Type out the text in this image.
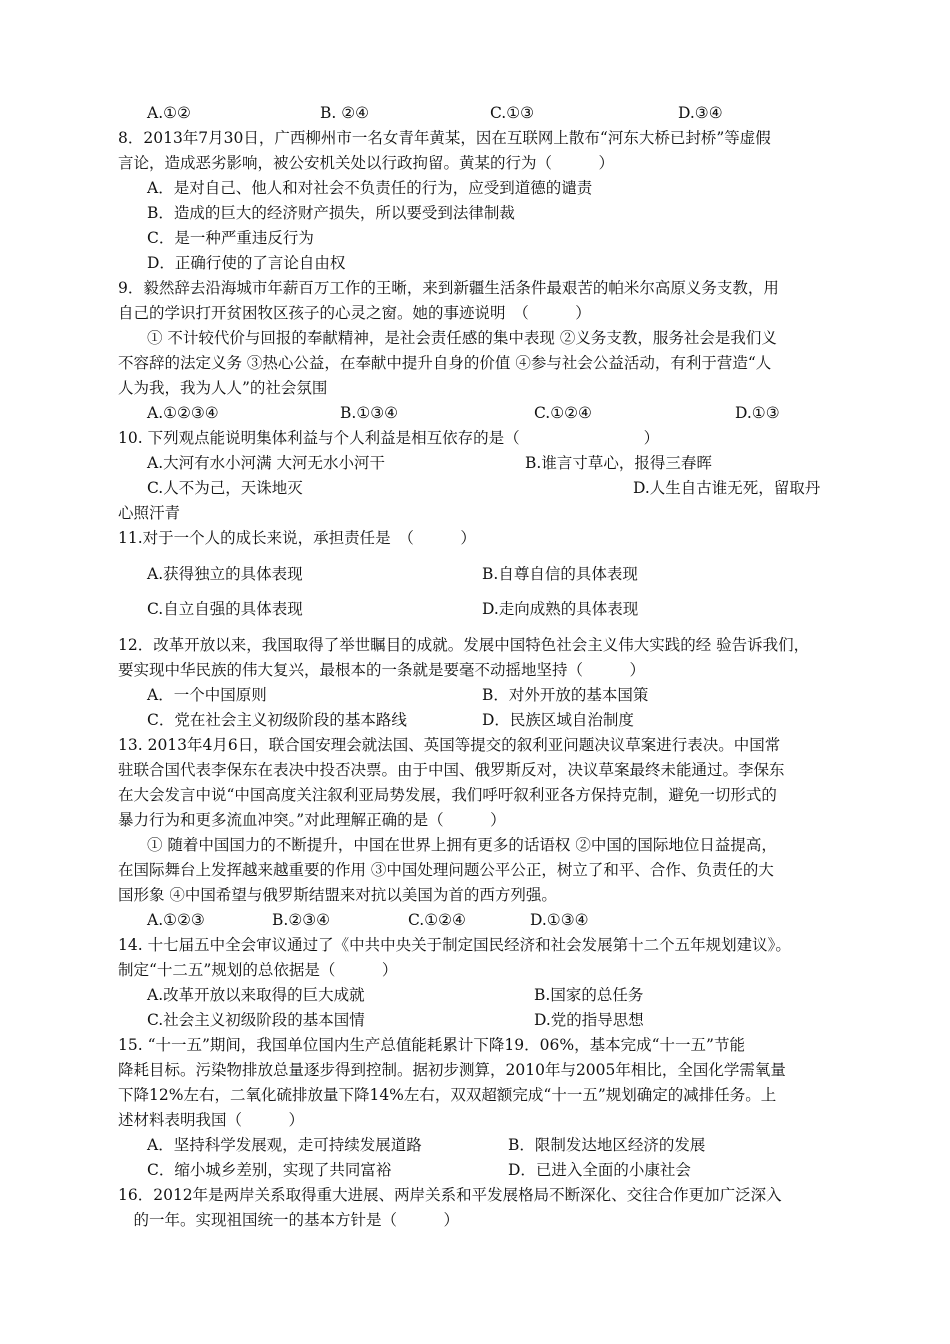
A.①②	B. ②④	C.①③	D.③④
8．2013年7月30日，广西柳州市一名女青年黄某，因在互联网上散布“河东大桥已封桥”等虚假
言论，造成恶劣影响，被公安机关处以行政拘留。黄某的行为（　　　）
A．是对自己、他人和对社会不负责任的行为，应受到道德的谴责
B．造成的巨大的经济财产损失，所以要受到法律制裁
C．是一种严重违反行为
D．正确行使的了言论自由权
9．毅然辞去沿海城市年薪百万工作的王晰，来到新疆生活条件最艰苦的帕米尔高原义务支教，用
自己的学识打开贫困牧区孩子的心灵之窗。她的事迹说明　（　　　）
① 不计较代价与回报的奉献精神，是社会责任感的集中表现 ②义务支教，服务社会是我们义
不容辞的法定义务 ③热心公益，在奉献中提升自身的价值 ④参与社会公益活动，有利于营造“人
人为我，我为人人”的社会氛围
A.①②③④	B.①③④	C.①②④	D.①③
10. 下列观点能说明集体利益与个人利益是相互依存的是（　　　　　　　　）
A.大河有水小河满 大河无水小河干	B.谁言寸草心，报得三春晖
C.人不为己，天诛地灭	D.人生自古谁无死，留取丹
心照汗青
11.对于一个人的成长来说，承担责任是　（　　　）
A.获得独立的具体表现	B.自尊自信的具体表现
C.自立自强的具体表现	D.走向成熟的具体表现
12．改革开放以来，我国取得了举世瞩目的成就。发展中国特色社会主义伟大实践的经 验告诉我们，
要实现中华民族的伟大复兴，最根本的一条就是要毫不动摇地坚持（　　　）
A．一个中国原则	B．对外开放的基本国策
C．党在社会主义初级阶段的基本路线	D．民族区域自治制度
13. 2013年4月6日，联合国安理会就法国、英国等提交的叙利亚问题决议草案进行表决。中国常
驻联合国代表李保东在表决中投否决票。由于中国、俄罗斯反对，决议草案最终未能通过。李保东
在大会发言中说“中国高度关注叙利亚局势发展，我们呼吁叙利亚各方保持克制，避免一切形式的
暴力行为和更多流血冲突。”对此理解正确的是（　　　）
① 随着中国国力的不断提升，中国在世界上拥有更多的话语权 ②中国的国际地位日益提高，
在国际舞台上发挥越来越重要的作用 ③中国处理问题公平公正，树立了和平、合作、负责任的大
国形象 ④中国希望与俄罗斯结盟来对抗以美国为首的西方列强。
A.①②③	B.②③④	C.①②④	D.①③④
14. 十七届五中全会审议通过了《中共中央关于制定国民经济和社会发展第十二个五年规划建议》。
制定“十二五”规划的总依据是（　　　）
A.改革开放以来取得的巨大成就	B.国家的总任务
C.社会主义初级阶段的基本国情	D.党的指导思想
15. “十一五”期间，我国单位国内生产总值能耗累计下降19．06%，基本完成“十一五”节能
降耗目标。污染物排放总量逐步得到控制。据初步测算，2010年与2005年相比，全国化学需氧量
下降12%左右，二氧化硫排放量下降14%左右，双双超额完成“十一五”规划确定的减排任务。上
述材料表明我国（　　　）
A．坚持科学发展观，走可持续发展道路	B．限制发达地区经济的发展
C．缩小城乡差别，实现了共同富裕	D．已进入全面的小康社会
16．2012年是两岸关系取得重大进展、两岸关系和平发展格局不断深化、交往合作更加广泛深入
　的一年。实现祖国统一的基本方针是（　　　）
